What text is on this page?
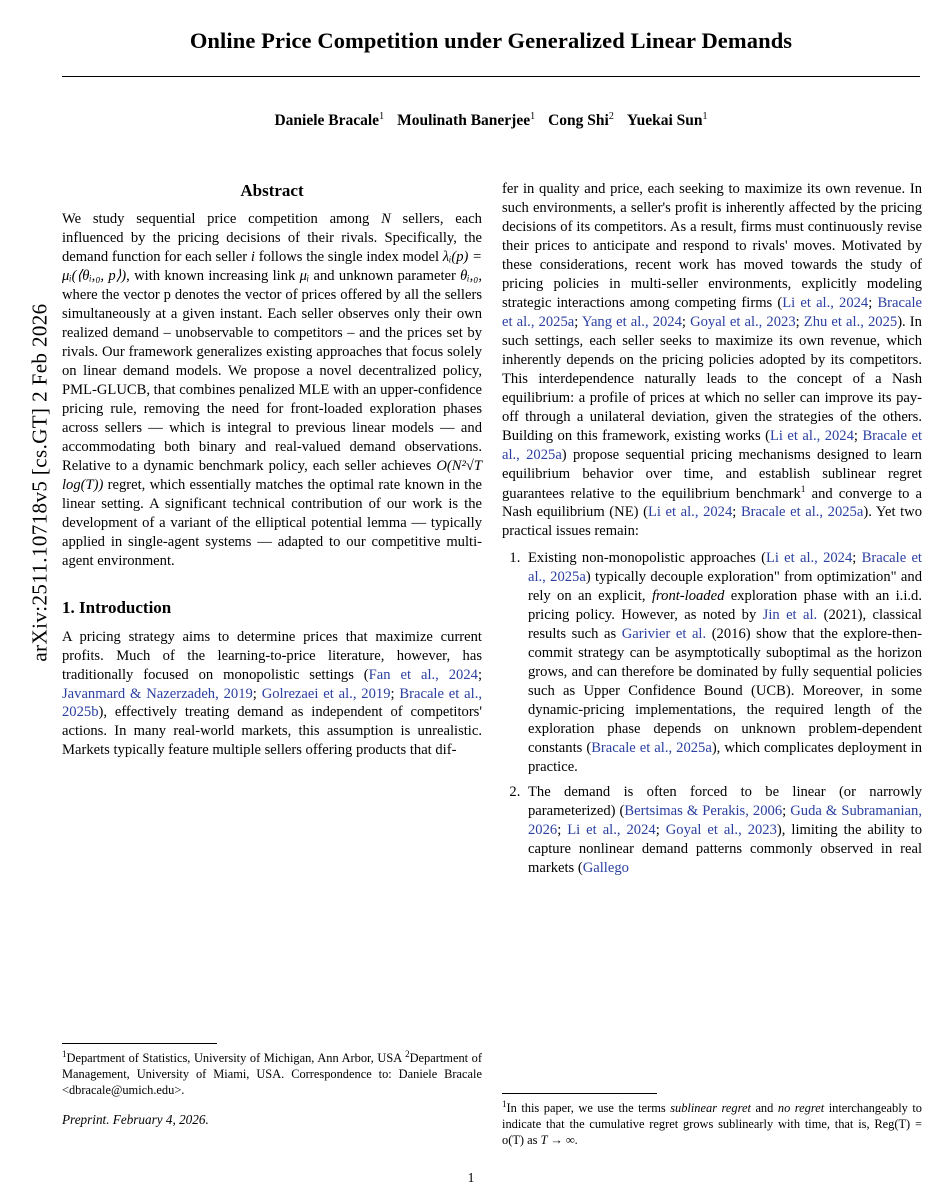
arXiv:2511.10718v5 [cs.GT] 2 Feb 2026
Online Price Competition under Generalized Linear Demands
Daniele Bracale$^1$ Moulinath Banerjee$^1$ Cong Shi$^2$ Yuekai Sun$^1$
Abstract

We study sequential price competition among N sellers, each influenced by the pricing decisions of their rivals. Specifically, the demand function for each seller i follows the single index model λᵢ(p) = μᵢ(⟨θᵢ,₀, p⟩), with known increasing link μᵢ and unknown parameter θᵢ,₀, where the vector p denotes the vector of prices offered by all the sellers simultaneously at a given instant. Each seller observes only their own realized demand – unobservable to competitors – and the prices set by rivals. Our framework generalizes existing approaches that focus solely on linear demand models. We propose a novel decentralized policy, PML-GLUCB, that combines penalized MLE with an upper-confidence pricing rule, removing the need for front-loaded exploration phases across sellers — which is integral to previous linear models — and accommodating both binary and real-valued demand observations. Relative to a dynamic benchmark policy, each seller achieves O(N²√T log(T)) regret, which essentially matches the optimal rate known in the linear setting. A significant technical contribution of our work is the development of a variant of the elliptical potential lemma — typically applied in single-agent systems — adapted to our competitive multi-agent environment.

1. Introduction

A pricing strategy aims to determine prices that maximize current profits. Much of the learning-to-price literature, however, has traditionally focused on monopolistic settings (Fan et al., 2024; Javanmard & Nazerzadeh, 2019; Golrezaei et al., 2019; Bracale et al., 2025b), effectively treating demand as independent of competitors' actions. In many real-world markets, this assumption is unrealistic. Markets typically feature multiple sellers offering products that dif-

fer in quality and price, each seeking to maximize its own revenue. In such environments, a seller's profit is inherently affected by the pricing decisions of its competitors. As a result, firms must continuously revise their prices to anticipate and respond to rivals' moves. Motivated by these considerations, recent work has moved towards the study of pricing policies in multi-seller environments, explicitly modeling strategic interactions among competing firms (Li et al., 2024; Bracale et al., 2025a; Yang et al., 2024; Goyal et al., 2023; Zhu et al., 2025). In such settings, each seller seeks to maximize its own revenue, which inherently depends on the pricing policies adopted by its competitors. This interdependence naturally leads to the concept of a Nash equilibrium: a profile of prices at which no seller can improve its pay-off through a unilateral deviation, given the strategies of the others. Building on this framework, existing works (Li et al., 2024; Bracale et al., 2025a) propose sequential pricing mechanisms designed to learn equilibrium behavior over time, and establish sublinear regret guarantees relative to the equilibrium benchmark$^1$ and converge to a Nash equilibrium (NE) (Li et al., 2024; Bracale et al., 2025a). Yet two practical issues remain:

1. Existing non-monopolistic approaches (Li et al., 2024; Bracale et al., 2025a) typically decouple exploration" from optimization" and rely on an explicit, front-loaded exploration phase with an i.i.d. pricing policy. However, as noted by Jin et al. (2021), classical results such as Garivier et al. (2016) show that the explore-then-commit strategy can be asymptotically suboptimal as the horizon grows, and can therefore be dominated by fully sequential policies such as Upper Confidence Bound (UCB). Moreover, in some dynamic-pricing implementations, the required length of the exploration phase depends on unknown problem-dependent constants (Bracale et al., 2025a), which complicates deployment in practice.
2. The demand is often forced to be linear (or narrowly parameterized) (Bertsimas & Perakis, 2006; Guda & Subramanian, 2026; Li et al., 2024; Goyal et al., 2023), limiting the ability to capture nonlinear demand patterns commonly observed in real markets (Gallego
$^1$Department of Statistics, University of Michigan, Ann Arbor, USA $^2$Department of Management, University of Miami, USA. Correspondence to: Daniele Bracale <dbracale@umich.edu>.
Preprint. February 4, 2026.
$^1$In this paper, we use the terms sublinear regret and no regret interchangeably to indicate that the cumulative regret grows sublinearly with time, that is, Reg(T) = o(T) as T → ∞.
1
